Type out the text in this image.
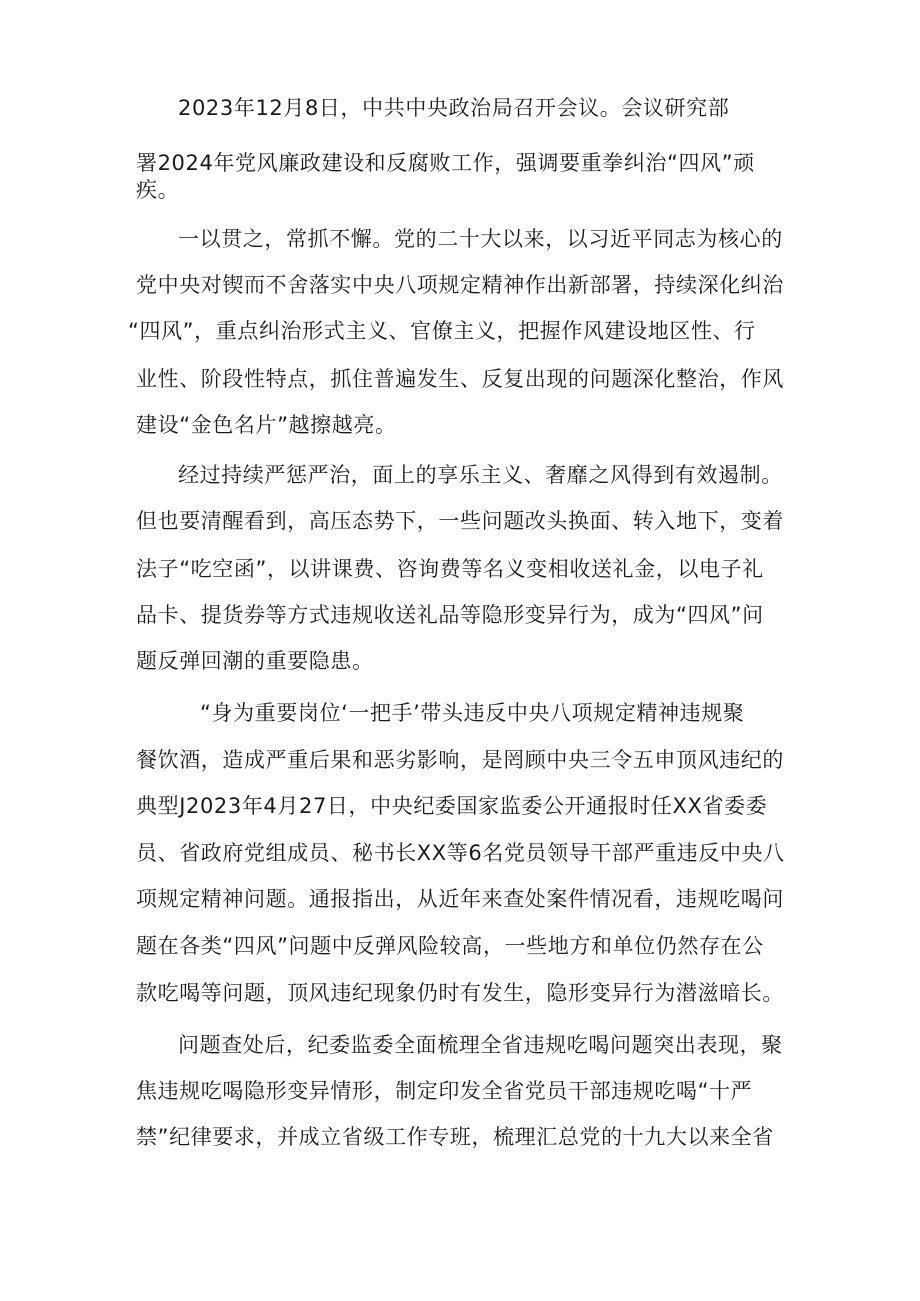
2023年12月8日，中共中央政治局召开会议。会议研究部
署2024年党风廉政建设和反腐败工作，强调要重拳纠治“四风”顽
疾。
一以贯之，常抓不懈。党的二十大以来，以习近平同志为核心的
党中央对锲而不舍落实中央八项规定精神作出新部署，持续深化纠治
“四风”，重点纠治形式主义、官僚主义，把握作风建设地区性、行
业性、阶段性特点，抓住普遍发生、反复出现的问题深化整治，作风
建设“金色名片”越擦越亮。
经过持续严惩严治，面上的享乐主义、奢靡之风得到有效遏制。
但也要清醒看到，高压态势下，一些问题改头换面、转入地下，变着
法子“吃空函”，以讲课费、咨询费等名义变相收送礼金，以电子礼
品卡、提货券等方式违规收送礼品等隐形变异行为，成为“四风”问
题反弹回潮的重要隐患。
“身为重要岗位‘一把手’带头违反中央八项规定精神违规聚
餐饮酒，造成严重后果和恶劣影响，是罔顾中央三令五申顶风违纪的
典型J2023年4月27日，中央纪委国家监委公开通报时任XX省委委
员、省政府党组成员、秘书长XX等6名党员领导干部严重违反中央八
项规定精神问题。通报指出，从近年来查处案件情况看，违规吃喝问
题在各类“四风”问题中反弹风险较高，一些地方和单位仍然存在公
款吃喝等问题，顶风违纪现象仍时有发生，隐形变异行为潜滋暗长。
问题查处后，纪委监委全面梳理全省违规吃喝问题突出表现，聚
焦违规吃喝隐形变异情形，制定印发全省党员干部违规吃喝“十严
禁”纪律要求，并成立省级工作专班，梳理汇总党的十九大以来全省
